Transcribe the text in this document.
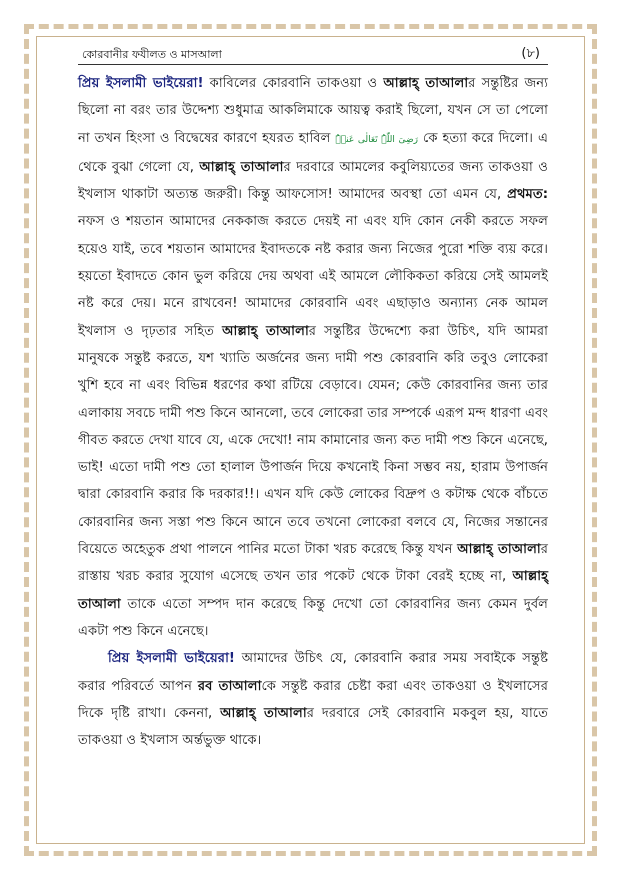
কোরবানীর ফযীলত ও মাসআলা	(৮)
প্রিয় ইসলামী ভাইয়েরা! কাবিলের কোরবানি তাকওয়া ও আল্লাহ্‌ তাআলার সন্তুষ্টির জন্য ছিলো না বরং তার উদ্দেশ্য শুধুমাত্র আকলিমাকে আয়ত্ব করাই ছিলো, যখন সে তা পেলো না তখন হিংসা ও বিদ্বেষের কারণে হযরত হাবিল رَضِیَ اللّٰہُ تَعَالٰی عَنۡہُ কে হত্যা করে দিলো। এ থেকে বুঝা গেলো যে, আল্লাহ্‌ তাআলার দরবারে আমলের কবুলিয়্যতের জন্য তাকওয়া ও ইখলাস থাকাটা অত্যন্ত জরুরী। কিন্তু আফসোস! আমাদের অবস্থা তো এমন যে, প্রথমত: নফস ও শয়তান আমাদের নেককাজ করতে দেয়ই না এবং যদি কোন নেকী করতে সফল হয়েও যাই, তবে শয়তান আমাদের ইবাদতকে নষ্ট করার জন্য নিজের পুরো শক্তি ব্যয় করে। হয়তো ইবাদতে কোন ভুল করিয়ে দেয় অথবা এই আমলে লৌকিকতা করিয়ে সেই আমলই নষ্ট করে দেয়। মনে রাখবেন! আমাদের কোরবানি এবং এছাড়াও অন্যান্য নেক আমল ইখলাস ও দৃঢ়তার সহিত আল্লাহ্‌ তাআলার সন্তুষ্টির উদ্দেশ্যে করা উচিৎ, যদি আমরা মানুষকে সন্তুষ্ট করতে, যশ খ্যাতি অর্জনের জন্য দামী পশু কোরবানি করি তবুও লোকেরা খুশি হবে না এবং বিভিন্ন ধরণের কথা রটিয়ে বেড়াবে। যেমন; কেউ কোরবানির জন্য তার এলাকায় সবচে দামী পশু কিনে আনলো, তবে লোকেরা তার সম্পর্কে এরূপ মন্দ ধারণা এবং গীবত করতে দেখা যাবে যে, একে দেখো! নাম কামানোর জন্য কত দামী পশু কিনে এনেছে, ভাই! এতো দামী পশু তো হালাল উপার্জন দিয়ে কখনোই কিনা সম্ভব নয়, হারাম উপার্জন দ্বারা কোরবানি করার কি দরকার!!। এখন যদি কেউ লোকের বিদ্রুপ ও কটাক্ষ থেকে বাঁচতে কোরবানির জন্য সস্তা পশু কিনে আনে তবে তখনো লোকেরা বলবে যে, নিজের সন্তানের বিয়েতে অহেতুক প্রথা পালনে পানির মতো টাকা খরচ করেছে কিন্তু যখন আল্লাহ্‌ তাআলার রাস্তায় খরচ করার সুযোগ এসেছে তখন তার পকেট থেকে টাকা বেরই হচ্ছে না, আল্লাহ্‌ তাআলা তাকে এতো সম্পদ দান করেছে কিন্তু দেখো তো কোরবানির জন্য কেমন দুর্বল একটা পশু কিনে এনেছে।
প্রিয় ইসলামী ভাইয়েরা! আমাদের উচিৎ যে, কোরবানি করার সময় সবাইকে সন্তুষ্ট করার পরিবর্তে আপন রব তাআলাকে সন্তুষ্ট করার চেষ্টা করা এবং তাকওয়া ও ইখলাসের দিকে দৃষ্টি রাখা। কেননা, আল্লাহ্‌ তাআলার দরবারে সেই কোরবানি মকবুল হয়, যাতে তাকওয়া ও ইখলাস অর্ন্তভুক্ত থাকে।
